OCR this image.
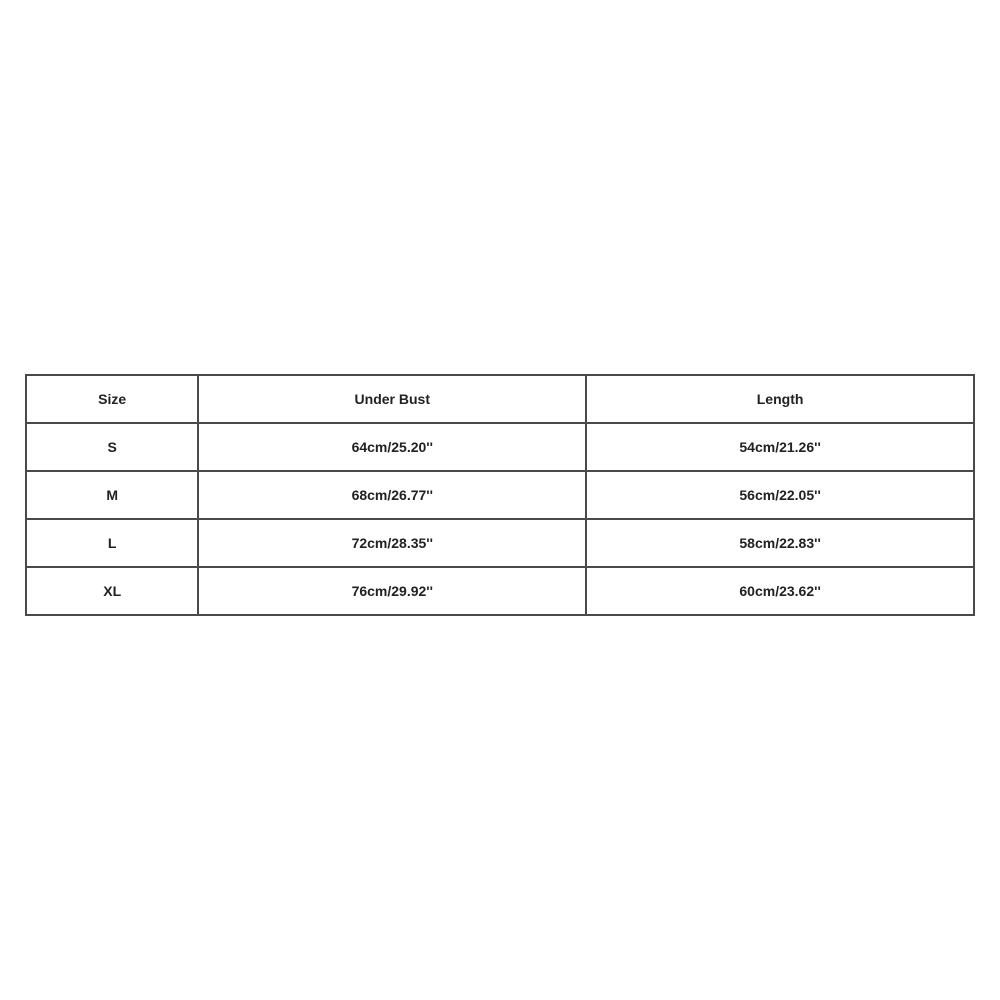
Size	Under Bust	Length
S	64cm/25.20''	54cm/21.26''
M	68cm/26.77''	56cm/22.05''
L	72cm/28.35''	58cm/22.83''
XL	76cm/29.92''	60cm/23.62''
